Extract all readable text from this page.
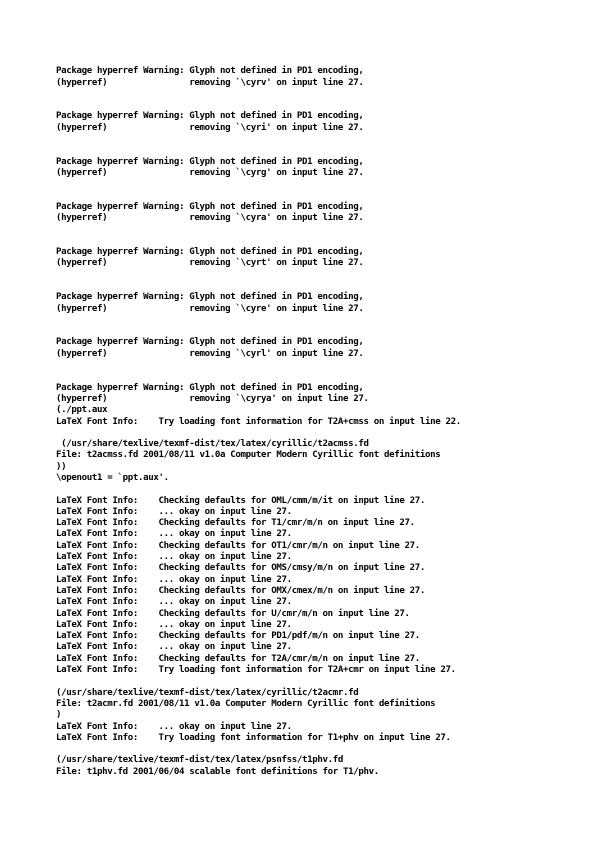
Package hyperref Warning: Glyph not defined in PD1 encoding,
(hyperref)                removing `\cyrv' on input line 27.
Package hyperref Warning: Glyph not defined in PD1 encoding,
(hyperref)                removing `\cyri' on input line 27.
Package hyperref Warning: Glyph not defined in PD1 encoding,
(hyperref)                removing `\cyrg' on input line 27.
Package hyperref Warning: Glyph not defined in PD1 encoding,
(hyperref)                removing `\cyra' on input line 27.
Package hyperref Warning: Glyph not defined in PD1 encoding,
(hyperref)                removing `\cyrt' on input line 27.
Package hyperref Warning: Glyph not defined in PD1 encoding,
(hyperref)                removing `\cyre' on input line 27.
Package hyperref Warning: Glyph not defined in PD1 encoding,
(hyperref)                removing `\cyrl' on input line 27.
Package hyperref Warning: Glyph not defined in PD1 encoding,
(hyperref)                removing `\cyrya' on input line 27.
(./ppt.aux
LaTeX Font Info:    Try loading font information for T2A+cmss on input line 22.
(/usr/share/texlive/texmf-dist/tex/latex/cyrillic/t2acmss.fd
File: t2acmss.fd 2001/08/11 v1.0a Computer Modern Cyrillic font definitions
))
\openout1 = `ppt.aux'.
LaTeX Font Info:    Checking defaults for OML/cmm/m/it on input line 27.
LaTeX Font Info:    ... okay on input line 27.
LaTeX Font Info:    Checking defaults for T1/cmr/m/n on input line 27.
LaTeX Font Info:    ... okay on input line 27.
LaTeX Font Info:    Checking defaults for OT1/cmr/m/n on input line 27.
LaTeX Font Info:    ... okay on input line 27.
LaTeX Font Info:    Checking defaults for OMS/cmsy/m/n on input line 27.
LaTeX Font Info:    ... okay on input line 27.
LaTeX Font Info:    Checking defaults for OMX/cmex/m/n on input line 27.
LaTeX Font Info:    ... okay on input line 27.
LaTeX Font Info:    Checking defaults for U/cmr/m/n on input line 27.
LaTeX Font Info:    ... okay on input line 27.
LaTeX Font Info:    Checking defaults for PD1/pdf/m/n on input line 27.
LaTeX Font Info:    ... okay on input line 27.
LaTeX Font Info:    Checking defaults for T2A/cmr/m/n on input line 27.
LaTeX Font Info:    Try loading font information for T2A+cmr on input line 27.
(/usr/share/texlive/texmf-dist/tex/latex/cyrillic/t2acmr.fd
File: t2acmr.fd 2001/08/11 v1.0a Computer Modern Cyrillic font definitions
)
LaTeX Font Info:    ... okay on input line 27.
LaTeX Font Info:    Try loading font information for T1+phv on input line 27.
(/usr/share/texlive/texmf-dist/tex/latex/psnfss/t1phv.fd
File: t1phv.fd 2001/06/04 scalable font definitions for T1/phv.
